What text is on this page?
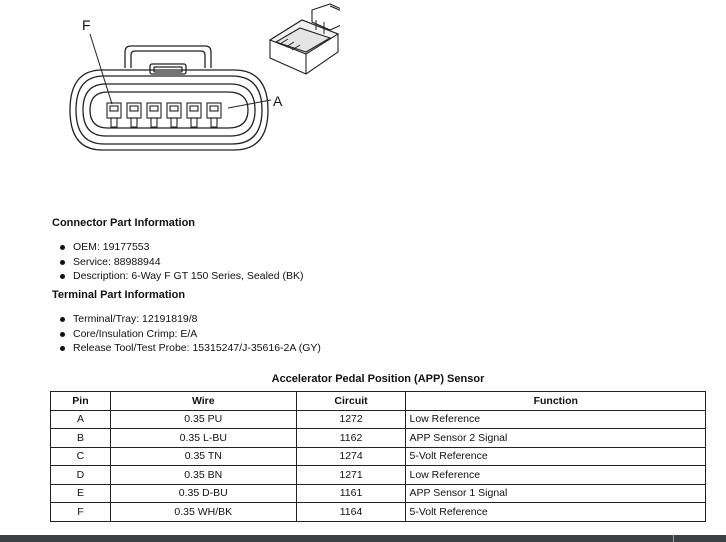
F
A
Connector Part Information
OEM: 19177553
Service: 88988944
Description: 6-Way F GT 150 Series, Sealed (BK)
Terminal Part Information
Terminal/Tray: 12191819/8
Core/Insulation Crimp: E/A
Release Tool/Test Probe: 15315247/J-35616-2A (GY)
Accelerator Pedal Position (APP) Sensor
Pin	Wire	Circuit	Function
A	0.35 PU	1272	Low Reference
B	0.35 L-BU	1162	APP Sensor 2 Signal
C	0.35 TN	1274	5-Volt Reference
D	0.35 BN	1271	Low Reference
E	0.35 D-BU	1161	APP Sensor 1 Signal
F	0.35 WH/BK	1164	5-Volt Reference
